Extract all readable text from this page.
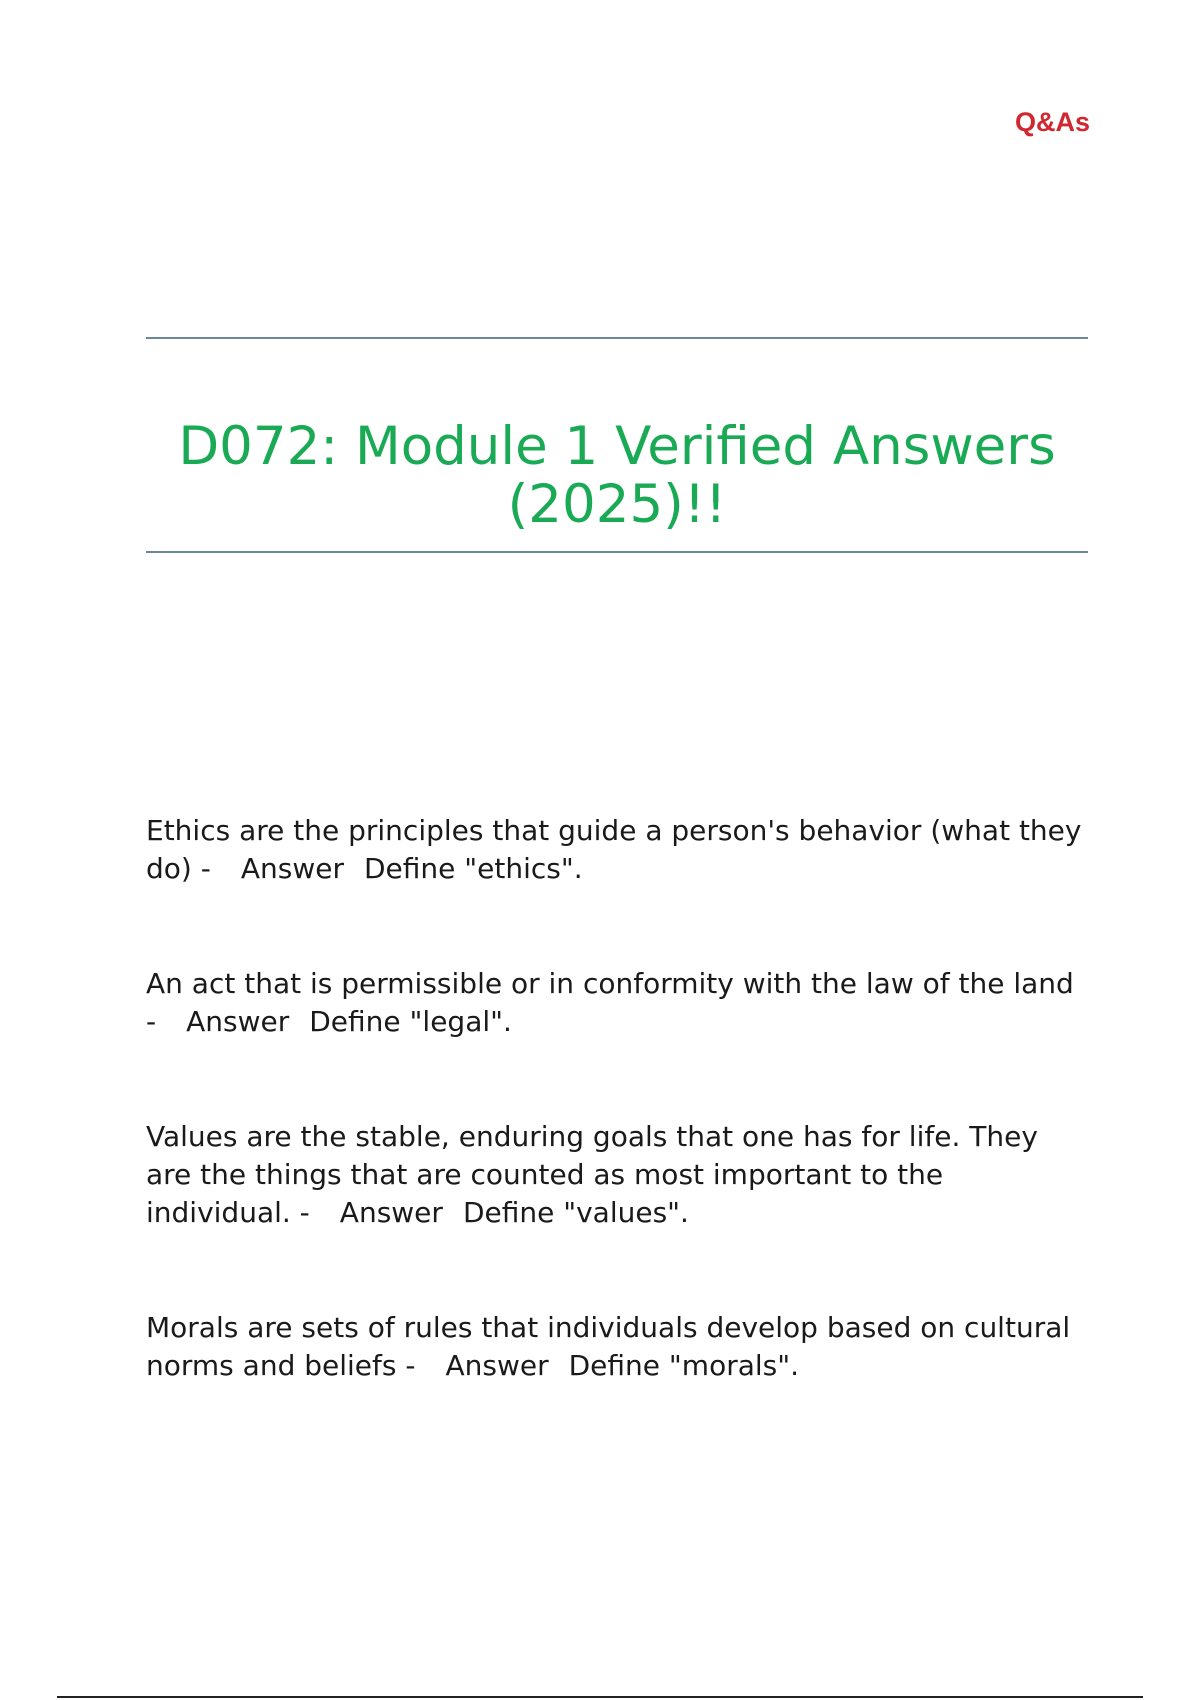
Q&As
D072: Module 1 Verified Answers (2025)!!
Ethics are the principles that guide a person's behavior (what they do) - Answer Define "ethics".
An act that is permissible or in conformity with the law of the land - Answer Define "legal".
Values are the stable, enduring goals that one has for life. They are the things that are counted as most important to the individual. - Answer Define "values".
Morals are sets of rules that individuals develop based on cultural norms and beliefs - Answer Define "morals".
